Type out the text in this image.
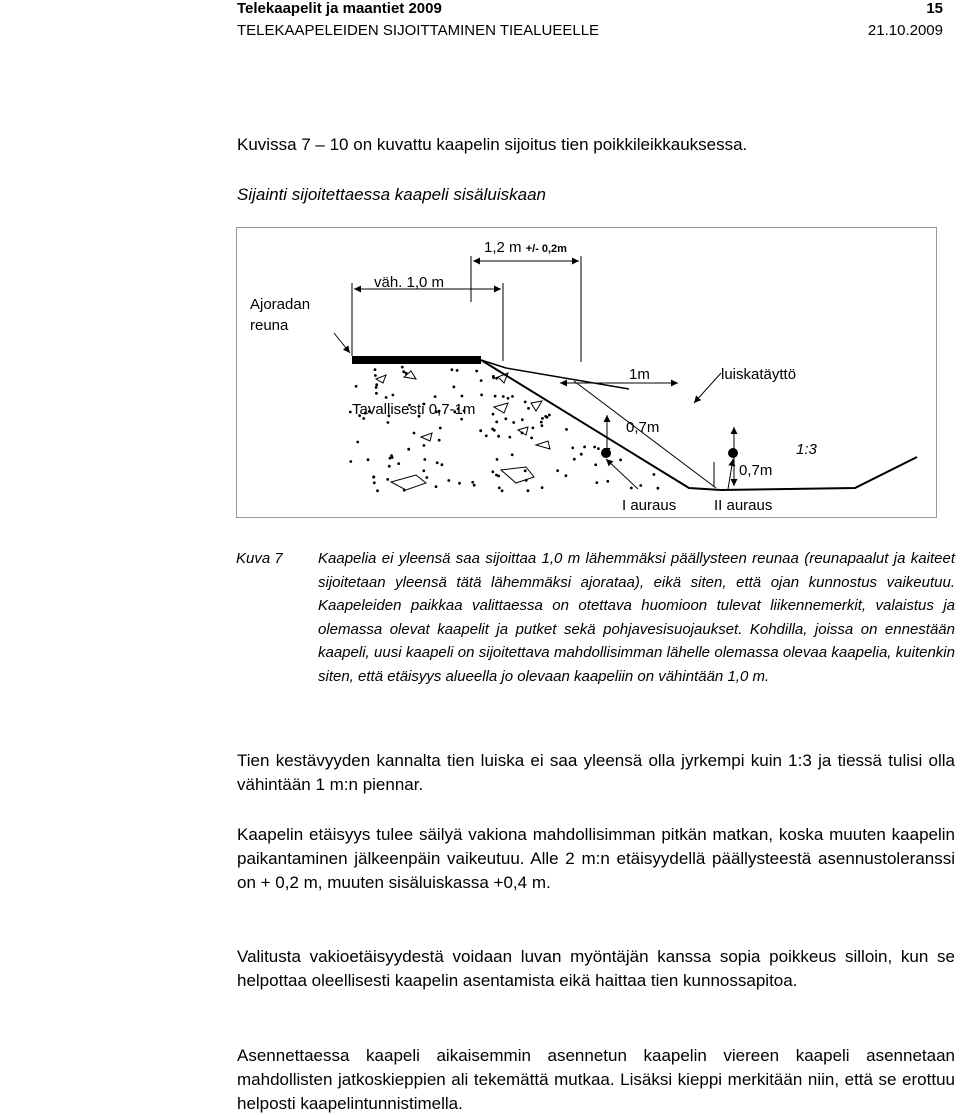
Telekaapelit ja maantiet 2009	15
TELEKAAPELEIDEN SIJOITTAMINEN TIEALUEELLE	21.10.2009
Kuvissa 7 – 10 on kuvattu kaapelin sijoitus tien poikkileikkauksessa.
Sijainti sijoitettaessa kaapeli sisäluiskaan
1,2 m +/- 0,2m
Ajoradan
reuna
väh. 1,0 m
1m	luiskatäyttö
Tavallisesti 0,7-1m
0,7m
0,7m
1:3
I auraus	II auraus
Kuva 7 Kaapelia ei yleensä saa sijoittaa 1,0 m lähemmäksi päällysteen reunaa (reunapaalut ja kaiteet sijoitetaan yleensä tätä lähemmäksi ajorataa), eikä siten, että ojan kunnostus vaikeutuu. Kaapeleiden paikkaa valittaessa on otettava huomioon tulevat liikennemerkit, valaistus ja olemassa olevat kaapelit ja putket sekä pohjavesisuojaukset. Kohdilla, joissa on ennestään kaapeli, uusi kaapeli on sijoitettava mahdollisimman lähelle olemassa olevaa kaapelia, kuitenkin siten, että etäisyys alueella jo olevaan kaapeliin on vähintään 1,0 m.

Tien kestävyyden kannalta tien luiska ei saa yleensä olla jyrkempi kuin 1:3 ja tiessä tulisi olla vähintään 1 m:n piennar.

Kaapelin etäisyys tulee säilyä vakiona mahdollisimman pitkän matkan, koska muuten kaapelin paikantaminen jälkeenpäin vaikeutuu. Alle 2 m:n etäisyydellä päällysteestä asennustoleranssi on + 0,2 m, muuten sisäluiskassa +0,4 m.

Valitusta vakioetäisyydestä voidaan luvan myöntäjän kanssa sopia poikkeus silloin, kun se helpottaa oleellisesti kaapelin asentamista eikä haittaa tien kunnossapitoa.

Asennettaessa kaapeli aikaisemmin asennetun kaapelin viereen kaapeli asennetaan mahdollisten jatkoskieppien ali tekemättä mutkaa. Lisäksi kieppi merkitään niin, että se erottuu helposti kaapelintunnistimella.
